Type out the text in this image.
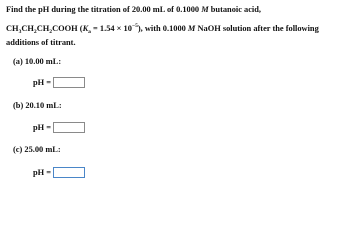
Find the pH during the titration of 20.00 mL of 0.1000 M butanoic acid,
$CH_3CH_2CH_2COOH$ $(K_a = 1.54 \times 10^{-5})$, with 0.1000 M NaOH solution after the following
additions of titrant.
(a) 10.00 mL:
pH =
(b) 20.10 mL:
pH =
(c) 25.00 mL:
pH =
